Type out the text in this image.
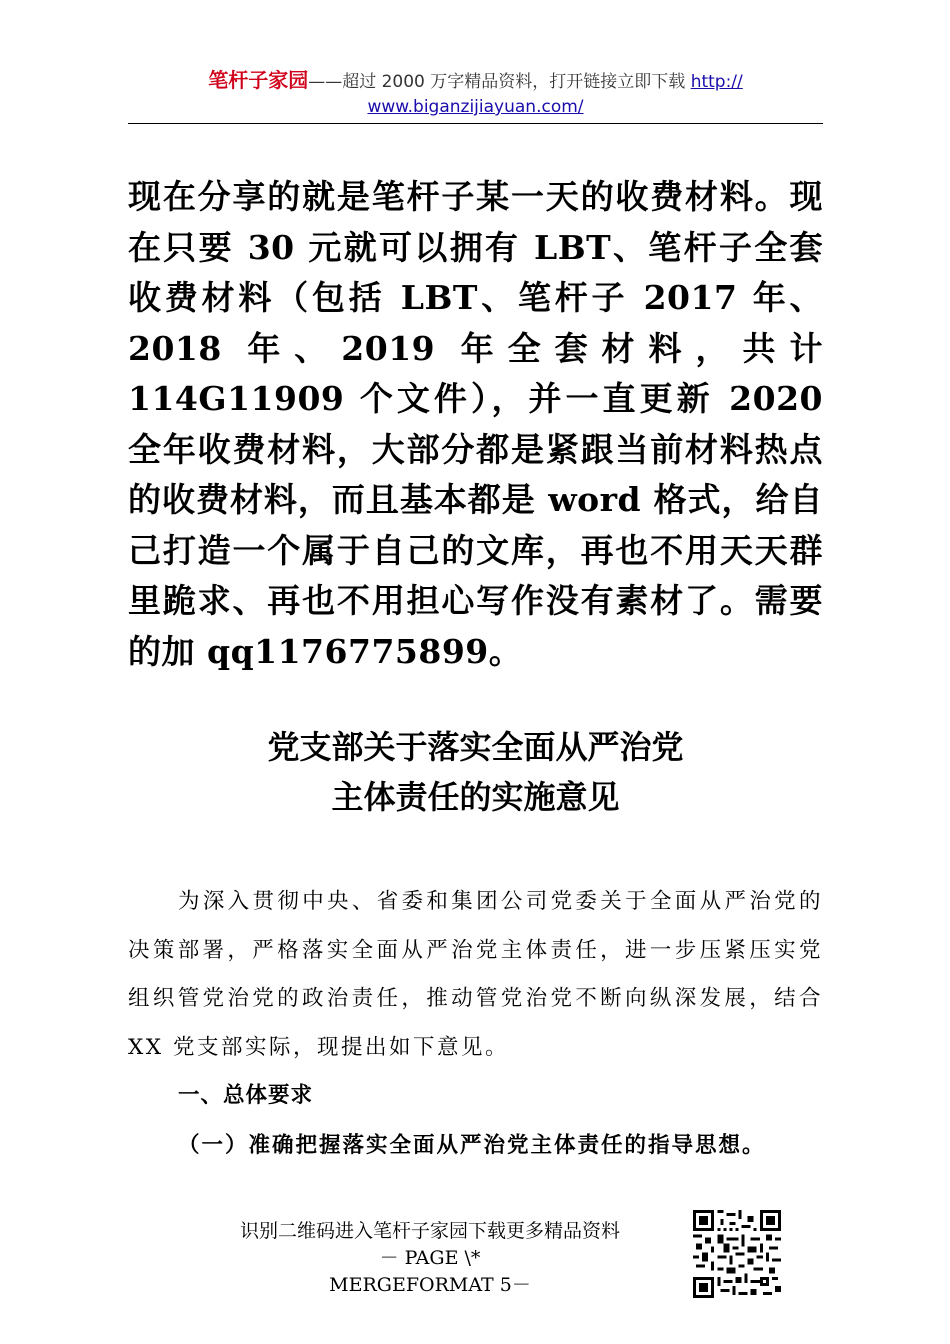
笔杆子家园——超过 2000 万字精品资料，打开链接立即下载 http://
www.biganzijiayuan.com/
现在分享的就是笔杆子某一天的收费材料。现在只要 30 元就可以拥有 LBT、笔杆子全套收费材料（包括 LBT、笔杆子 2017 年、2018 年、2019 年全套材料，共计 114G11909 个文件），并一直更新 2020 全年收费材料，大部分都是紧跟当前材料热点的收费材料，而且基本都是 word 格式，给自己打造一个属于自己的文库，再也不用天天群里跪求、再也不用担心写作没有素材了。需要的加 qq1176775899。
党支部关于落实全面从严治党
主体责任的实施意见

为深入贯彻中央、省委和集团公司党委关于全面从严治党的决策部署，严格落实全面从严治党主体责任，进一步压紧压实党组织管党治党的政治责任，推动管党治党不断向纵深发展，结合 XX 党支部实际，现提出如下意见。

一、总体要求
（一）准确把握落实全面从严治党主体责任的指导思想。
识别二维码进入笔杆子家园下载更多精品资料
－ PAGE \*
MERGEFORMAT 5－
